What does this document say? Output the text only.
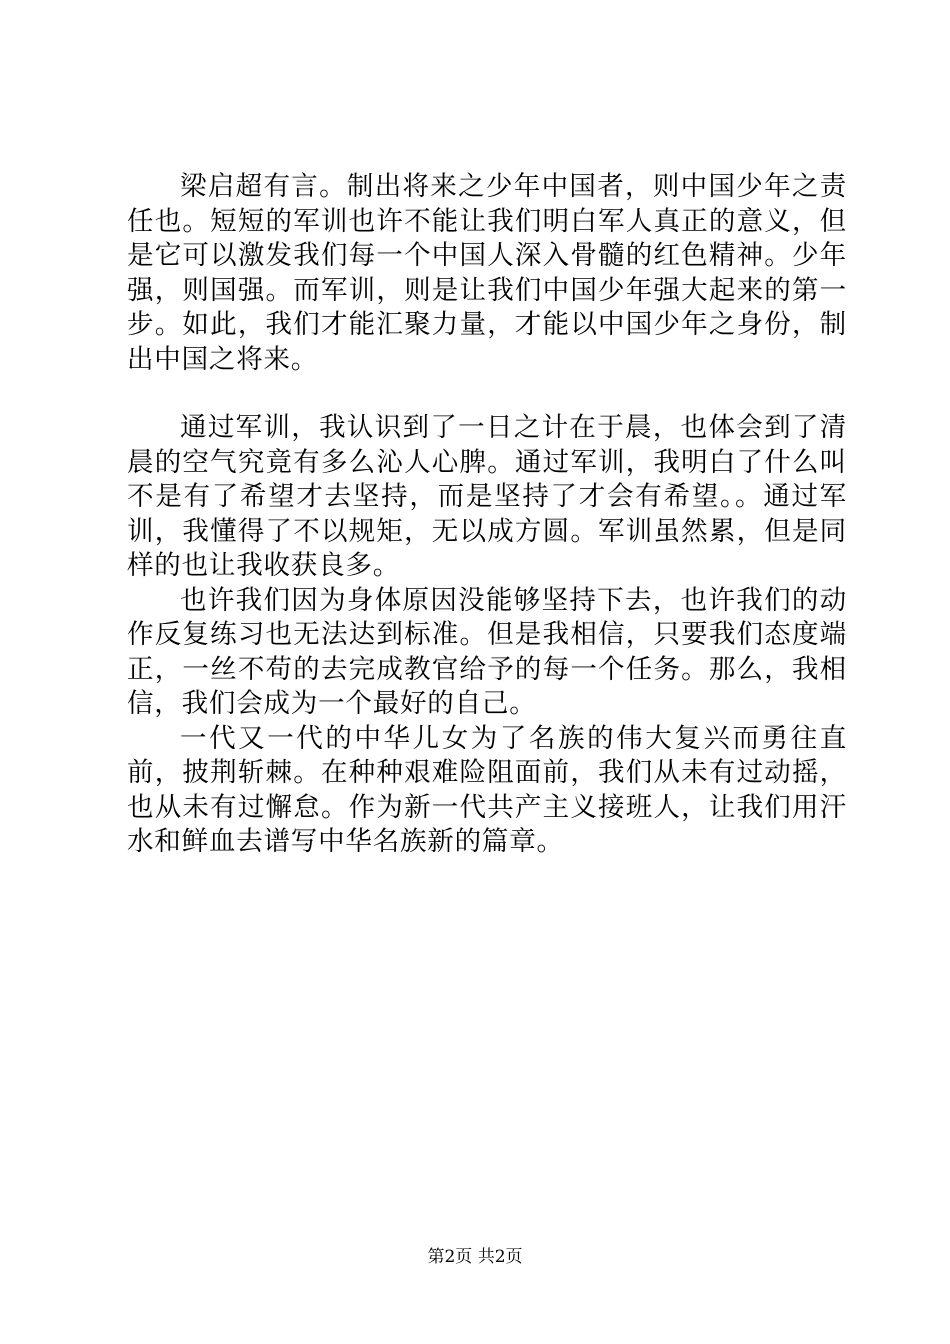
梁启超有言。制出将来之少年中国者，则中国少年之责任也。短短的军训也许不能让我们明白军人真正的意义，但是它可以激发我们每一个中国人深入骨髓的红色精神。少年强，则国强。而军训，则是让我们中国少年强大起来的第一步。如此，我们才能汇聚力量，才能以中国少年之身份，制出中国之将来。

通过军训，我认识到了一日之计在于晨，也体会到了清晨的空气究竟有多么沁人心脾。通过军训，我明白了什么叫不是有了希望才去坚持，而是坚持了才会有希望。。通过军训，我懂得了不以规矩，无以成方圆。军训虽然累，但是同样的也让我收获良多。

也许我们因为身体原因没能够坚持下去，也许我们的动作反复练习也无法达到标准。但是我相信，只要我们态度端正，一丝不苟的去完成教官给予的每一个任务。那么，我相信，我们会成为一个最好的自己。

一代又一代的中华儿女为了名族的伟大复兴而勇往直前，披荆斩棘。在种种艰难险阻面前，我们从未有过动摇，也从未有过懈怠。作为新一代共产主义接班人，让我们用汗水和鲜血去谱写中华名族新的篇章。

第2页 共2页
